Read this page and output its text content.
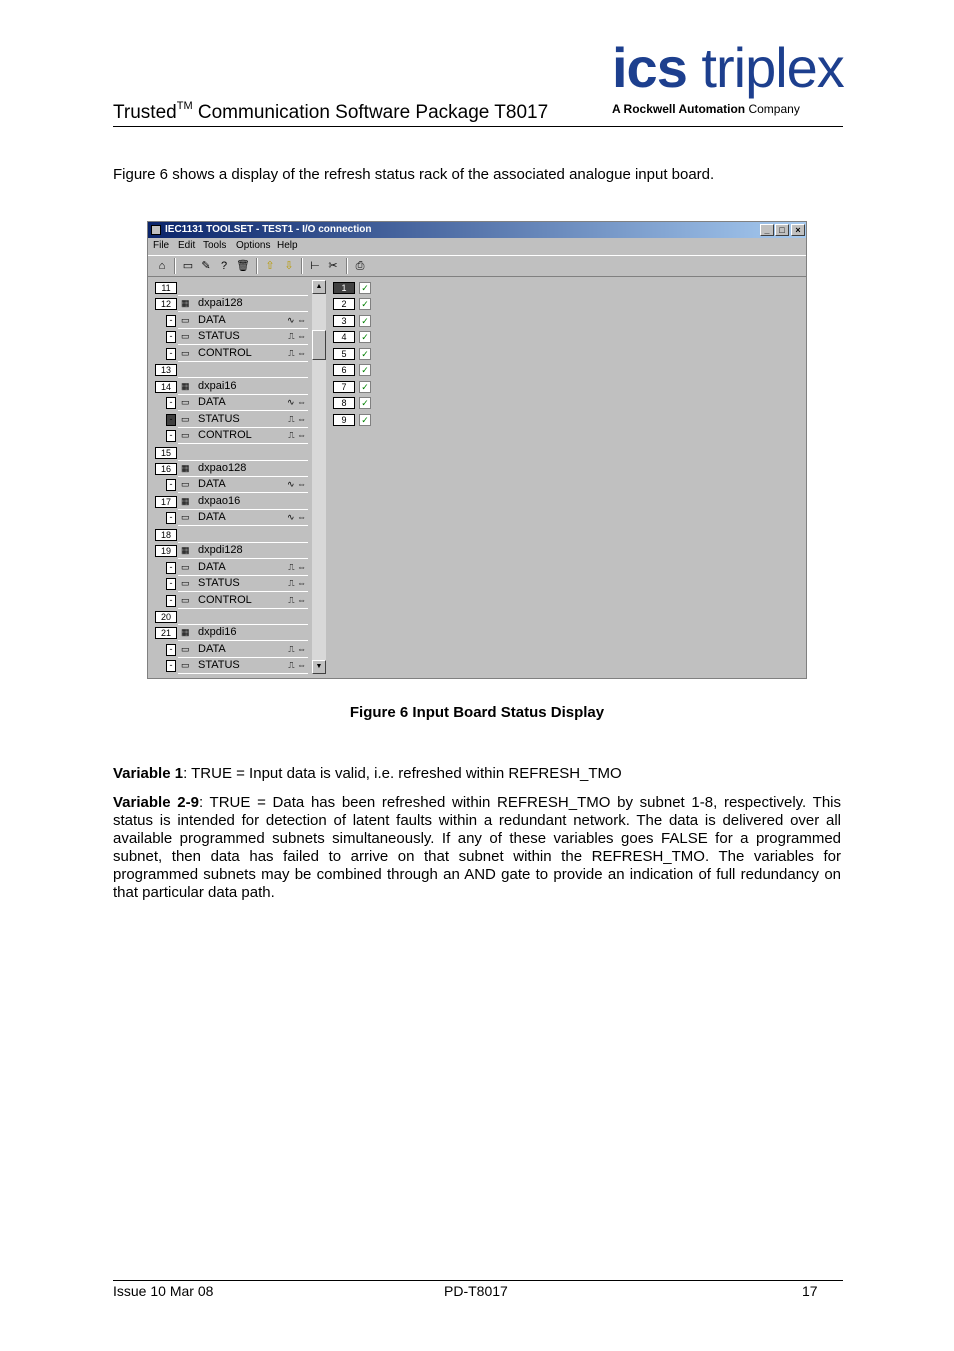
Trusted™ Communication Software Package T8017
ics triplex
A Rockwell Automation Company
Figure 6 shows a display of the refresh status rack of the associated analogue input board.
IEC1131 TOOLSET - TEST1 - I/O connection	_	□	×
File Edit Tools Options Help
⌂	▭ ✎ ? 🗑 ⇧ ⇩ ⊢ ✂ ⎙
11
12	▦ dxpai128
- ▭ DATA	∿ ⇔
- ▭ STATUS	⎍ ⇔
- ▭ CONTROL	⎍ ⇔
13
14	▦ dxpai16
- ▭ DATA	∿ ⇔
- ▭ STATUS	⎍ ⇔
- ▭ CONTROL	⎍ ⇔
15
16	▦ dxpao128
- ▭ DATA	∿ ⇔
17	▦ dxpao16
- ▭ DATA	∿ ⇔
18
19	▦ dxpdi128
- ▭ DATA	⎍ ⇔
- ▭ STATUS	⎍ ⇔
- ▭ CONTROL	⎍ ⇔
20
21	▦ dxpdi16
- ▭ DATA	⎍ ⇔
- ▭ STATUS	⎍ ⇔
▲
▼
1	✓
2	✓
3	✓
4	✓
5	✓
6	✓
7	✓
8	✓
9	✓
Figure 6 Input Board Status Display
Variable 1: TRUE = Input data is valid, i.e. refreshed within REFRESH_TMO
Variable 2-9: TRUE = Data has been refreshed within REFRESH_TMO by subnet 1-8, respectively. This status is intended for detection of latent faults within a redundant network. The data is delivered over all available programmed subnets simultaneously. If any of these variables goes FALSE for a programmed subnet, then data has failed to arrive on that subnet within the REFRESH_TMO. The variables for programmed subnets may be combined through an AND gate to provide an indication of full redundancy on that particular data path.
Issue 10 Mar 08	PD-T8017	17
